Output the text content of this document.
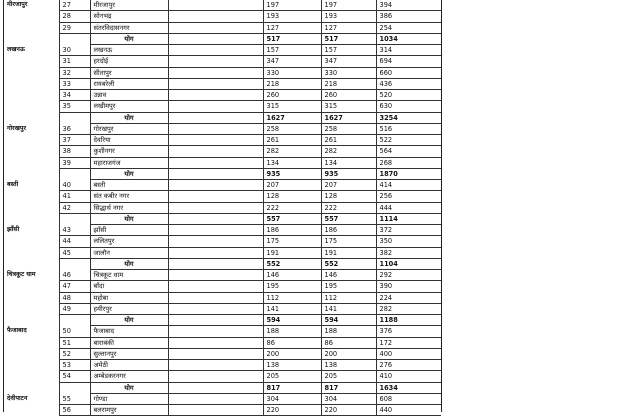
मीरजापुर	27	मीरजापुर		197	197	394
	28	सोनभद्र		193	193	386
	29	संतरविदासनगर		127	127	254
		योग		517	517	1034
लखनऊ	30	लखनऊ		157	157	314
	31	हरदोई		347	347	694
	32	सीतापुर		330	330	660
	33	रायबरेली		218	218	436
	34	उन्नाव		260	260	520
	35	लखीमपुर		315	315	630
		योग		1627	1627	3254
गोरखपुर	36	गोरखपुर		258	258	516
	37	देवरिया		261	261	522
	38	कुशीनगर		282	282	564
	39	महाराजगंज		134	134	268
		योग		935	935	1870
बस्ती	40	बस्ती		207	207	414
	41	संत कबीर नगर		128	128	256
	42	सिद्धार्थ नगर		222	222	444
		योग		557	557	1114
झाँसी	43	झाँसी		186	186	372
	44	ललितपुर		175	175	350
	45	जालौन		191	191	382
		योग		552	552	1104
चित्रकूट धाम	46	चित्रकूट धाम		146	146	292
	47	बाँदा		195	195	390
	48	महोबा		112	112	224
	49	हमीरपुर		141	141	282
		योग		594	594	1188
फैजाबाद	50	फैजाबाद		188	188	376
	51	बाराबंकी		86	86	172
	52	सुल्तानपुर		200	200	400
	53	अमेठी		138	138	276
	54	अम्बेडकरनगर		205	205	410
		योग		817	817	1634
देवीपाटन	55	गोण्डा		304	304	608
	56	बलरामपुर		220	220	440
